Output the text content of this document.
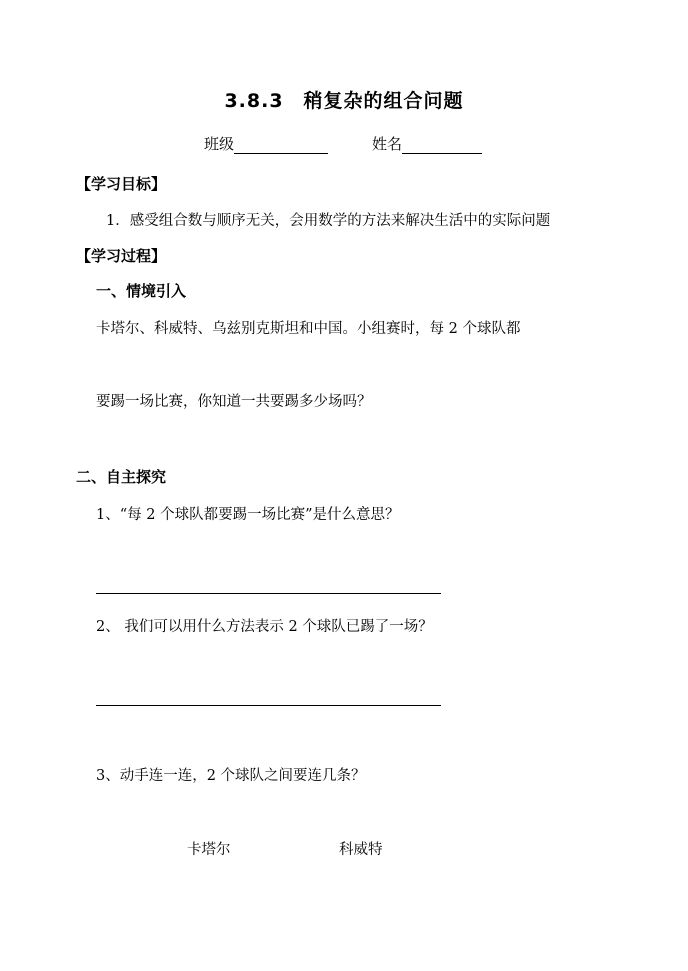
3.8.3　稍复杂的组合问题
班级	姓名
【学习目标】
1．感受组合数与顺序无关，会用数学的方法来解决生活中的实际问题
【学习过程】
一、情境引入
卡塔尔、科威特、乌兹别克斯坦和中国。小组赛时，每 2 个球队都
要踢一场比赛，你知道一共要踢多少场吗？
二、自主探究
1、“每 2 个球队都要踢一场比赛”是什么意思？
2、 我们可以用什么方法表示 2 个球队已踢了一场？
3、动手连一连，2 个球队之间要连几条？
卡塔尔	科威特
